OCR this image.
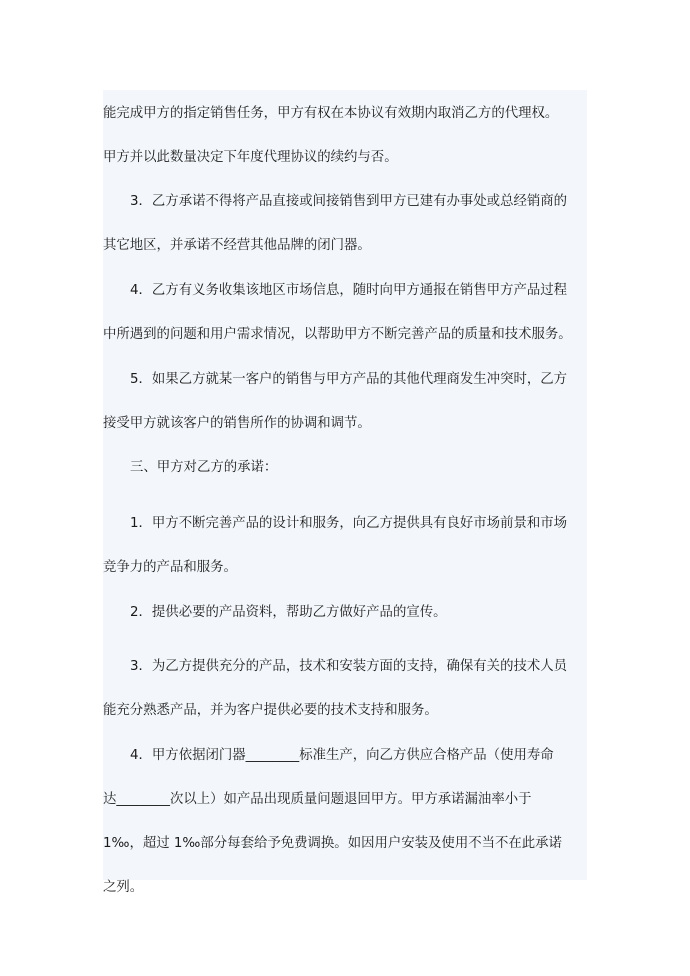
能完成甲方的指定销售任务，甲方有权在本协议有效期内取消乙方的代理权。
甲方并以此数量决定下年度代理协议的续约与否。

3．乙方承诺不得将产品直接或间接销售到甲方已建有办事处或总经销商的
其它地区，并承诺不经营其他品牌的闭门器。

4．乙方有义务收集该地区市场信息，随时向甲方通报在销售甲方产品过程
中所遇到的问题和用户需求情况，以帮助甲方不断完善产品的质量和技术服务。

5．如果乙方就某一客户的销售与甲方产品的其他代理商发生冲突时，乙方
接受甲方就该客户的销售所作的协调和调节。

三、甲方对乙方的承诺：

1．甲方不断完善产品的设计和服务，向乙方提供具有良好市场前景和市场
竞争力的产品和服务。

2．提供必要的产品资料，帮助乙方做好产品的宣传。

3．为乙方提供充分的产品，技术和安装方面的支持，确保有关的技术人员
能充分熟悉产品，并为客户提供必要的技术支持和服务。

4．甲方依据闭门器________标准生产，向乙方供应合格产品（使用寿命
达________次以上）如产品出现质量问题退回甲方。甲方承诺漏油率小于
1‰，超过 1‰部分每套给予免费调换。如因用户安装及使用不当不在此承诺
之列。
